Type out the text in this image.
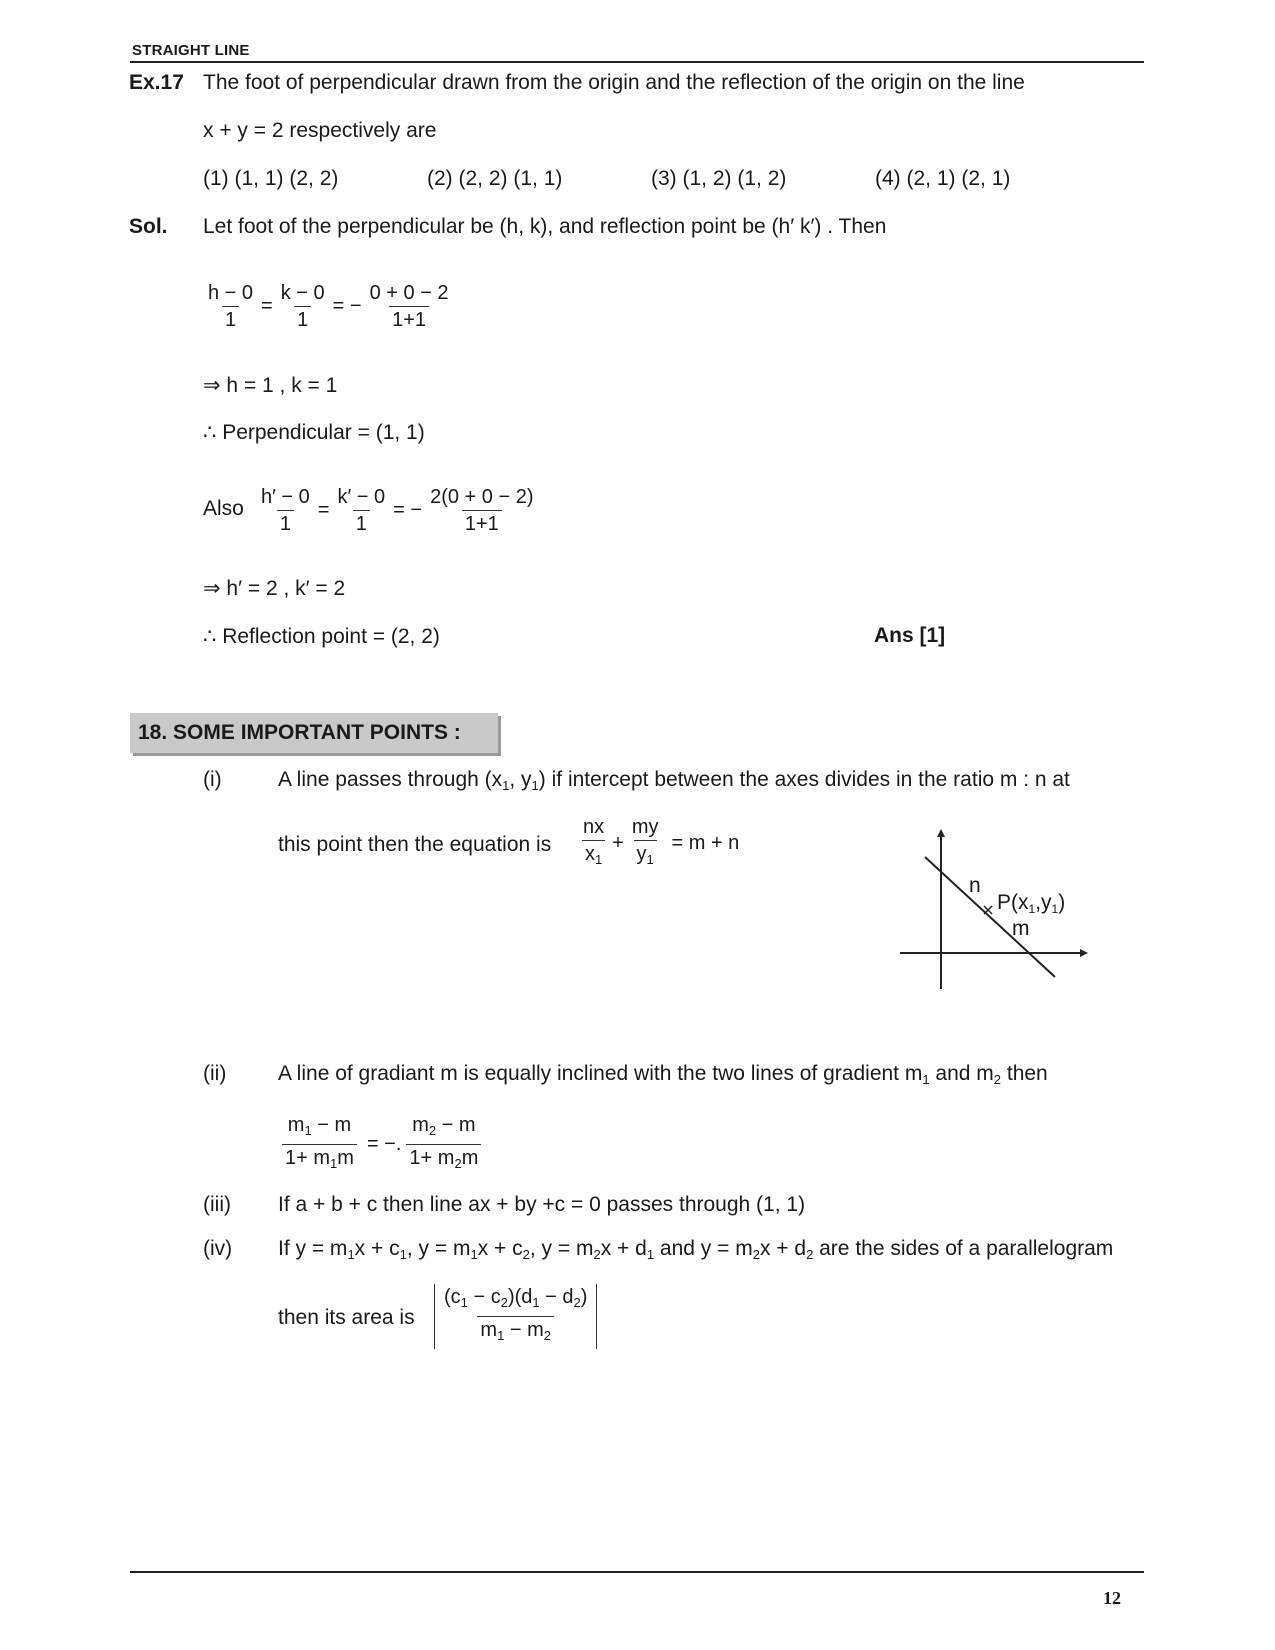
STRAIGHT LINE
Ex.17 The foot of perpendicular drawn from the origin and the reflection of the origin on the line
x + y = 2 respectively are
(1) (1, 1) (2, 2)	(2) (2, 2) (1, 1)	(3) (1, 2) (1, 2)	(4) (2, 1) (2, 1)
Sol. Let foot of the perpendicular be (h, k), and reflection point be (h′ k′) . Then
$\frac{h - 0}{1} = \frac{k - 0}{1}$ = − $\frac{0 + 0 - 2}{1+1}$
⇒ h = 1 , k = 1
∴ Perpendicular = (1, 1)
Also $\frac{h' - 0}{1} = \frac{k' - 0}{1}$ = − $\frac{2(0 + 0 - 2)}{1+1}$
⇒ h′ = 2 , k′ = 2
∴ Reflection point = (2, 2)	Ans [1]
18. SOME IMPORTANT POINTS :
(i)	A line passes through ($x_1$, $y_1$) if intercept between the axes divides in the ratio m : n at
this point then the equation is $\frac{nx}{x_1} + \frac{my}{y_1} = m + n$
n
m
P(x1,y1)
(ii) A line of gradiant m is equally inclined with the two lines of gradient $m_1$ and $m_2$ then
$\frac{m_1 - m}{1+ m_1m}$ = −. $\frac{m_2 - m}{1+ m_2m}$
(iii) If a + b + c then line ax + by +c = 0 passes through (1, 1)
(iv) If $y = m_1x + c_1$, $y = m_1x + c_2$, $y = m_2x + d_1$ and $y = m_2x + d_2$ are the sides of a parallelogram
then its area is $\frac{(c_1 - c_2)(d_1 - d_2)}{m_1 - m_2}$
12
